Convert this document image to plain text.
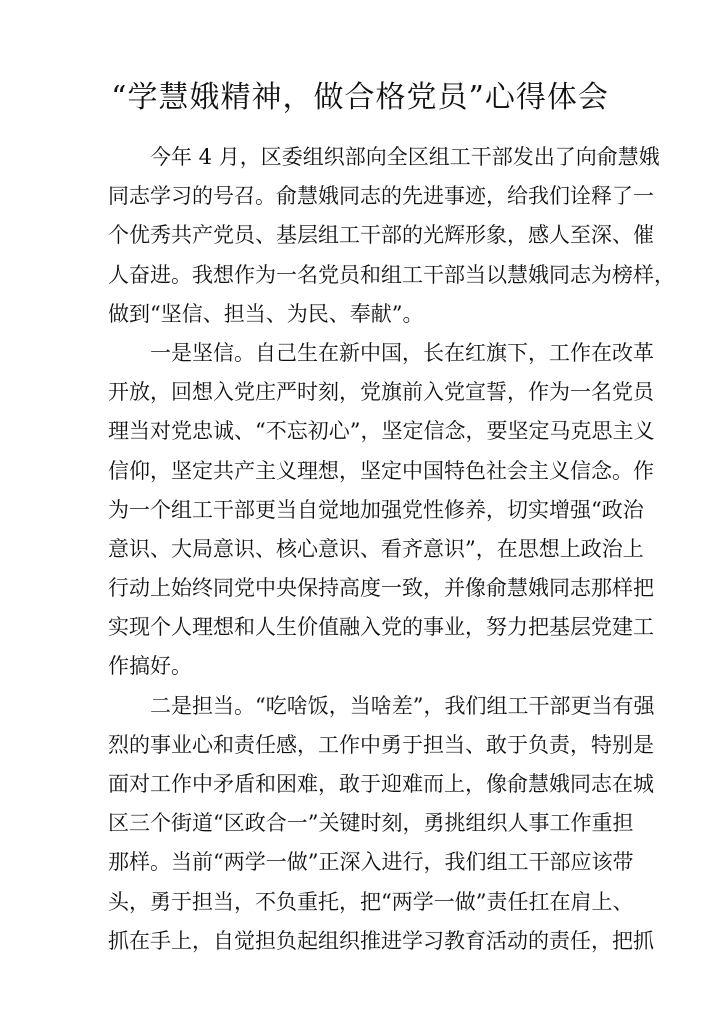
“学慧娥精神，做合格党员”心得体会
今年 4 月，区委组织部向全区组工干部发出了向俞慧娥
同志学习的号召。俞慧娥同志的先进事迹，给我们诠释了一
个优秀共产党员、基层组工干部的光辉形象，感人至深、催
人奋进。我想作为一名党员和组工干部当以慧娥同志为榜样，
做到“坚信、担当、为民、奉献”。
一是坚信。自己生在新中国，长在红旗下，工作在改革
开放，回想入党庄严时刻，党旗前入党宣誓，作为一名党员
理当对党忠诚、“不忘初心”，坚定信念，要坚定马克思主义
信仰，坚定共产主义理想，坚定中国特色社会主义信念。作
为一个组工干部更当自觉地加强党性修养，切实增强“政治
意识、大局意识、核心意识、看齐意识”，在思想上政治上
行动上始终同党中央保持高度一致，并像俞慧娥同志那样把
实现个人理想和人生价值融入党的事业，努力把基层党建工
作搞好。
二是担当。“吃啥饭，当啥差”，我们组工干部更当有强
烈的事业心和责任感，工作中勇于担当、敢于负责，特别是
面对工作中矛盾和困难，敢于迎难而上，像俞慧娥同志在城
区三个街道“区政合一”关键时刻，勇挑组织人事工作重担
那样。当前“两学一做”正深入进行，我们组工干部应该带
头，勇于担当，不负重托，把“两学一做”责任扛在肩上、
抓在手上，自觉担负起组织推进学习教育活动的责任，把抓
